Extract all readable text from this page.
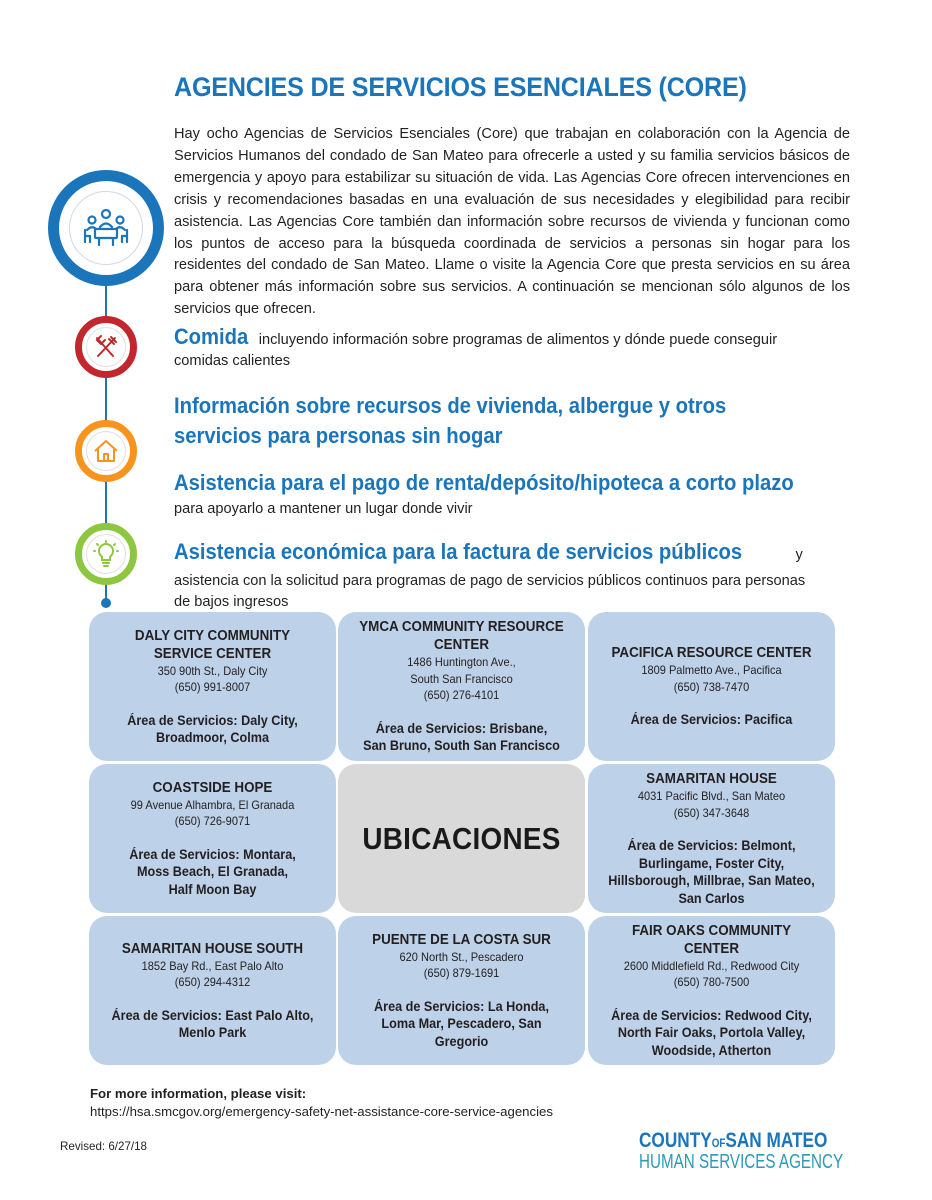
AGENCIES DE SERVICIOS ESENCIALES (CORE)
Hay ocho Agencias de Servicios Esenciales (Core) que trabajan en colaboración con la Agencia de Servicios Humanos del condado de San Mateo para ofrecerle a usted y su familia servicios básicos de emergencia y apoyo para estabilizar su situación de vida. Las Agencias Core ofrecen intervenciones en crisis y recomendaciones basadas en una evaluación de sus necesidades y elegibilidad para recibir asistencia. Las Agencias Core también dan información sobre recursos de vivienda y funcionan como los puntos de acceso para la búsqueda coordinada de servicios a personas sin hogar para los residentes del condado de San Mateo. Llame o visite la Agencia Core que presta servicios en su área para obtener más información sobre sus servicios. A continuación se mencionan sólo algunos de los servicios que ofrecen.
Comida incluyendo información sobre programas de alimentos y dónde puede conseguir
comidas calientes
Información sobre recursos de vivienda, albergue y otros
servicios para personas sin hogar
Asistencia para el pago de renta/depósito/hipoteca a corto plazo
para apoyarlo a mantener un lugar donde vivir
Asistencia económica para la factura de servicios públicos	y
asistencia con la solicitud para programas de pago de servicios públicos continuos para personas
de bajos ingresos
DALY CITY COMMUNITY
SERVICE CENTER
350 90th St., Daly City
(650) 991-8007
Área de Servicios: Daly City,
Broadmoor, Colma
YMCA COMMUNITY RESOURCE
CENTER
1486 Huntington Ave.,
South San Francisco
(650) 276-4101
Área de Servicios: Brisbane,
San Bruno, South San Francisco
PACIFICA RESOURCE CENTER
1809 Palmetto Ave., Pacifica
(650) 738-7470
Área de Servicios: Pacifica
COASTSIDE HOPE
99 Avenue Alhambra, El Granada
(650) 726-9071
Área de Servicios: Montara,
Moss Beach, El Granada,
Half Moon Bay
UBICACIONES
SAMARITAN HOUSE
4031 Pacific Blvd., San Mateo
(650) 347-3648
Área de Servicios: Belmont,
Burlingame, Foster City,
Hillsborough, Millbrae, San Mateo,
San Carlos
SAMARITAN HOUSE SOUTH
1852 Bay Rd., East Palo Alto
(650) 294-4312
Área de Servicios: East Palo Alto,
Menlo Park
PUENTE DE LA COSTA SUR
620 North St., Pescadero
(650) 879-1691
Área de Servicios: La Honda,
Loma Mar, Pescadero, San Gregorio
FAIR OAKS COMMUNITY CENTER
2600 Middlefield Rd., Redwood City
(650) 780-7500
Área de Servicios: Redwood City,
North Fair Oaks, Portola Valley,
Woodside, Atherton
For more information, please visit:
https://hsa.smcgov.org/emergency-safety-net-assistance-core-service-agencies
Revised: 6/27/18	COUNTYOFSAN MATEO
HUMAN SERVICES AGENCY
